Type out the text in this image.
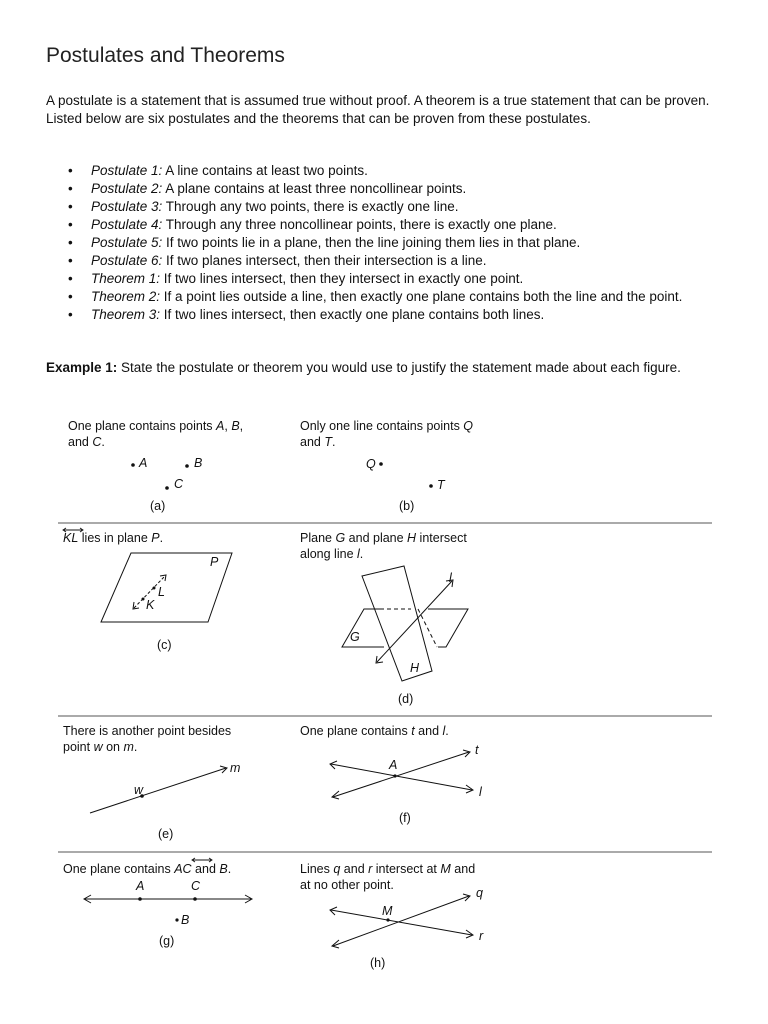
Postulates and Theorems

A postulate is a statement that is assumed true without proof. A theorem is a true statement that can be proven. Listed below are six postulates and the theorems that can be proven from these postulates.

• Postulate 1: A line contains at least two points.
• Postulate 2: A plane contains at least three noncollinear points.
• Postulate 3: Through any two points, there is exactly one line.
• Postulate 4: Through any three noncollinear points, there is exactly one plane.
• Postulate 5: If two points lie in a plane, then the line joining them lies in that plane.
• Postulate 6: If two planes intersect, then their intersection is a line.
• Theorem 1: If two lines intersect, then they intersect in exactly one point.
• Theorem 2: If a point lies outside a line, then exactly one plane contains both the line and the point.
• Theorem 3: If two lines intersect, then exactly one plane contains both lines.

Example 1: State the postulate or theorem you would use to justify the statement made about each figure.

One plane contains points A, B,
and C.
A	B
C
(a)
Only one line contains points Q
and T.
Q
T
(b)
KL lies in plane P.
P
L
K
(c)
Plane G and plane H intersect
along line l.
l
G
H
(d)
There is another point besides
point w on m.
w
m
(e)
One plane contains t and l.
A
t
l
(f)
One plane contains AC and B.
A	C
B
(g)
Lines q and r intersect at M and
at no other point.
M
q
r
(h)
